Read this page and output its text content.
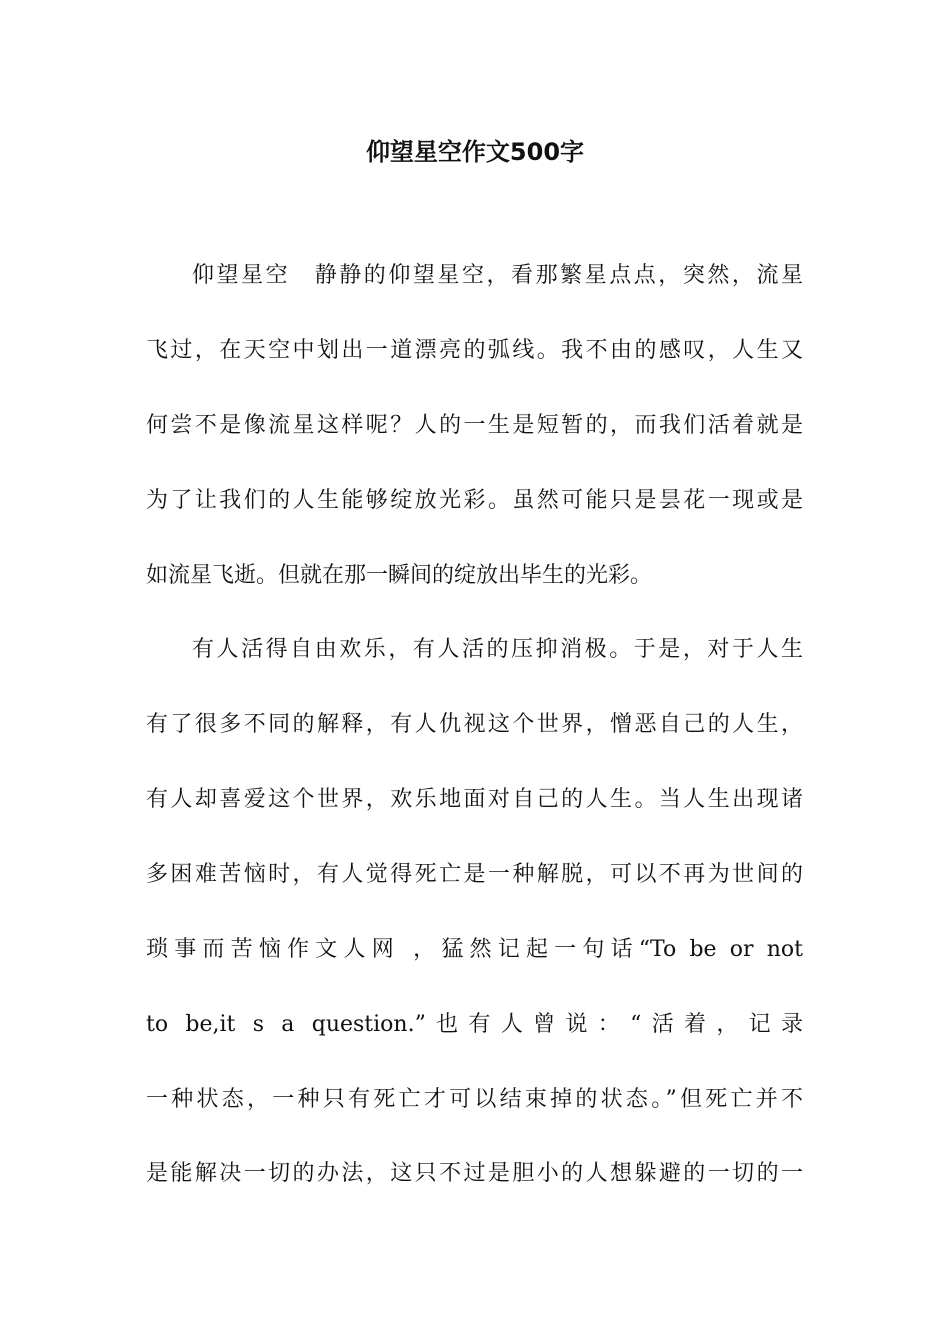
仰望星空作文500字
仰望星空　静静的仰望星空，看那繁星点点，突然，流星
飞过，在天空中划出一道漂亮的弧线。我不由的感叹，人生又
何尝不是像流星这样呢？人的一生是短暂的，而我们活着就是
为了让我们的人生能够绽放光彩。虽然可能只是昙花一现或是
如流星飞逝。但就在那一瞬间的绽放出毕生的光彩。
有人活得自由欢乐，有人活的压抑消极。于是，对于人生
有了很多不同的解释，有人仇视这个世界，憎恶自己的人生，
有人却喜爱这个世界，欢乐地面对自己的人生。当人生出现诸
多困难苦恼时，有人觉得死亡是一种解脱，可以不再为世间的
琐事而苦恼作文人网 ，猛然记起一句话“To be or not
to be,it s a question.”也有人曾说：“活着，记录
一种状态，一种只有死亡才可以结束掉的状态。”但死亡并不
是能解决一切的办法，这只不过是胆小的人想躲避的一切的一
